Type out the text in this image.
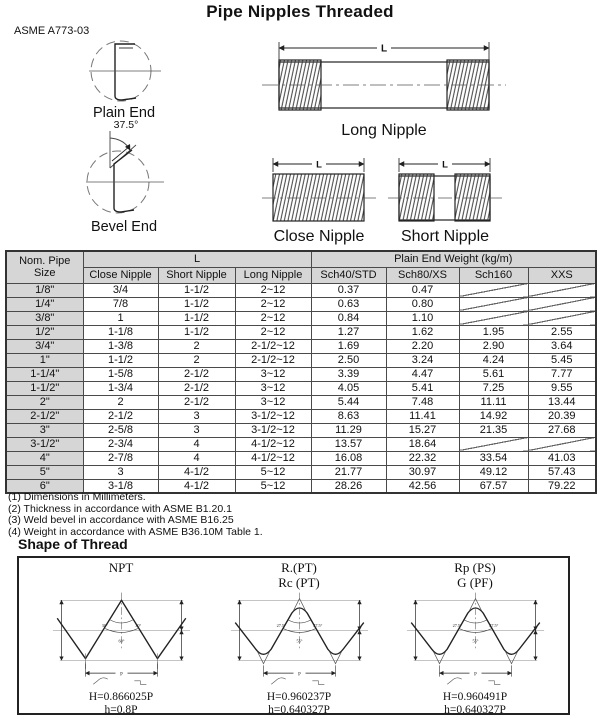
Pipe Nipples Threaded
ASME A773-03
Plain End
37.5°
Bevel End
L
Long Nipple
L
Close Nipple
L
Short Nipple
Nom. Pipe Size	L			Plain End Weight (kg/m)			
	Close Nipple	Short Nipple	Long Nipple	Sch40/STD	Sch80/XS	Sch160	XXS
1/8"	3/4	1-1/2	2~12	0.37	0.47		
1/4"	7/8	1-1/2	2~12	0.63	0.80		
3/8"	1	1-1/2	2~12	0.84	1.10		
1/2"	1-1/8	1-1/2	2~12	1.27	1.62	1.95	2.55
3/4"	1-3/8	2	2-1/2~12	1.69	2.20	2.90	3.64
1"	1-1/2	2	2-1/2~12	2.50	3.24	4.24	5.45
1-1/4"	1-5/8	2-1/2	3~12	3.39	4.47	5.61	7.77
1-1/2"	1-3/4	2-1/2	3~12	4.05	5.41	7.25	9.55
2"	2	2-1/2	3~12	5.44	7.48	11.11	13.44
2-1/2"	2-1/2	3	3-1/2~12	8.63	11.41	14.92	20.39
3"	2-5/8	3	3-1/2~12	11.29	15.27	21.35	27.68
3-1/2"	2-3/4	4	4-1/2~12	13.57	18.64		
4"	2-7/8	4	4-1/2~12	16.08	22.32	33.54	41.03
5"	3	4-1/2	5~12	21.77	30.97	49.12	57.43
6"	3-1/8	4-1/2	5~12	28.26	42.56	67.57	79.22
(1) Dimensions in Millimeters.
(2) Thickness in accordance with ASME B1.20.1
(3) Weld bevel in accordance with ASME B16.25
(4) Weight in accordance with ASME B36.10M Table 1.
Shape of Thread
NPT
30°	30°
60°
P
H=0.866025P
h=0.8P
R.(PT)
Rc (PT)
27.5°	27.5°
55°
P
H=0.960237P
h=0.640327P
Rp (PS)
G (PF)
27.5°	27.5°
55°
P
H=0.960491P
h=0.640327P
